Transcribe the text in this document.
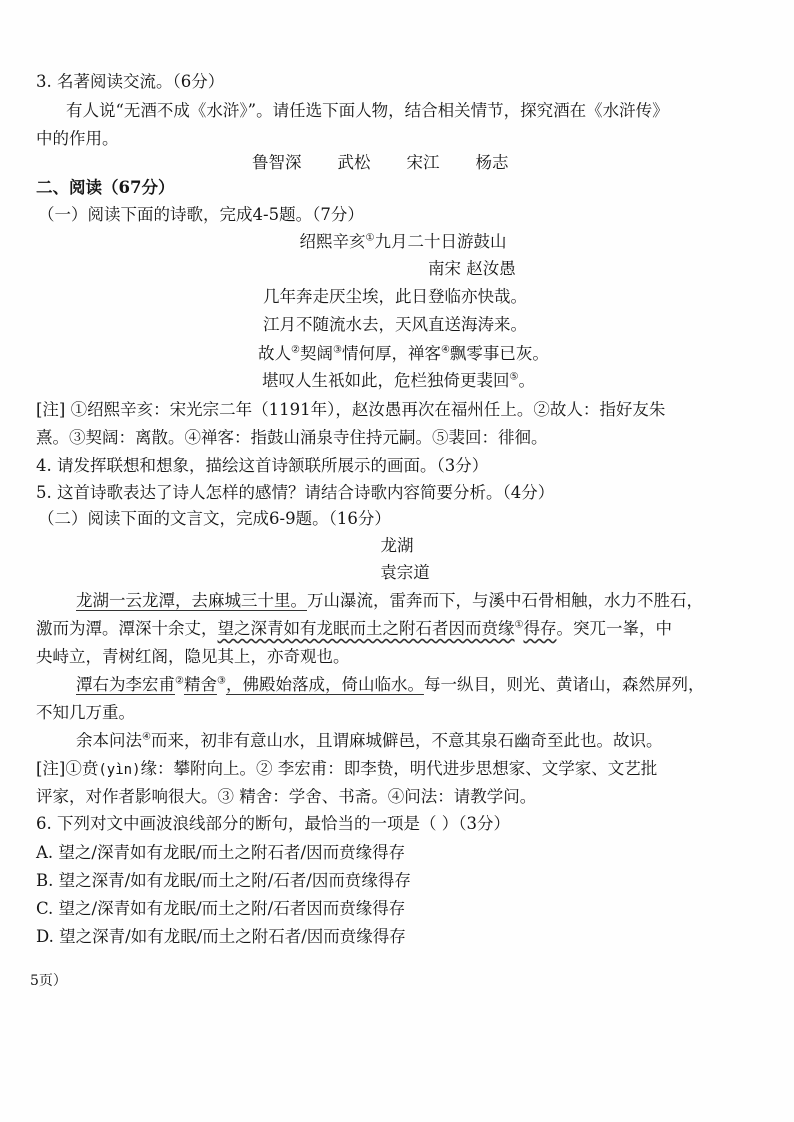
3. 名著阅读交流。（6分）
有人说“无酒不成《水浒》”。请任选下面人物，结合相关情节，探究酒在《水浒传》
中的作用。
鲁智深 武松 宋江 杨志
二、阅读（67分）
（一）阅读下面的诗歌，完成4-5题。（7分）
绍熙辛亥①九月二十日游鼓山
南宋 赵汝愚
几年奔走厌尘埃，此日登临亦快哉。
江月不随流水去，天风直送海涛来。
故人②契阔③情何厚，禅客④飘零事已灰。
堪叹人生祇如此，危栏独倚更裴回⑤。
[注] ①绍熙辛亥：宋光宗二年（1191年），赵汝愚再次在福州任上。②故人：指好友朱
熹。③契阔：离散。④禅客：指鼓山涌泉寺住持元嗣。⑤裴回：徘徊。
4. 请发挥联想和想象，描绘这首诗颔联所展示的画面。（3分）
5. 这首诗歌表达了诗人怎样的感情？请结合诗歌内容简要分析。（4分）
（二）阅读下面的文言文，完成6-9题。（16分）
龙湖
袁宗道
龙湖一云龙潭，去麻城三十里。万山瀑流，雷奔而下，与溪中石骨相触，水力不胜石，
激而为潭。潭深十余丈，望之深青如有龙眠而土之附石者因而贲缘①得存。突兀一峯，中
央峙立，青树红阁，隐见其上，亦奇观也。
潭右为李宏甫②精舍③，佛殿始落成，倚山临水。每一纵目，则光、黄诸山，森然屏列，
不知几万重。
余本问法④而来，初非有意山水，且谓麻城僻邑，不意其泉石幽奇至此也。故识。
[注]①贲(yìn)缘：攀附向上。② 李宏甫：即李贽，明代进步思想家、文学家、文艺批
评家，对作者影响很大。③ 精舍：学舍、书斋。④问法：请教学问。
6. 下列对文中画波浪线部分的断句，最恰当的一项是（ ）（3分）
A. 望之/深青如有龙眠/而土之附石者/因而贲缘得存
B. 望之深青/如有龙眠/而土之附/石者/因而贲缘得存
C. 望之/深青如有龙眠/而土之附/石者因而贲缘得存
D. 望之深青/如有龙眠/而土之附石者/因而贲缘得存
5页）
